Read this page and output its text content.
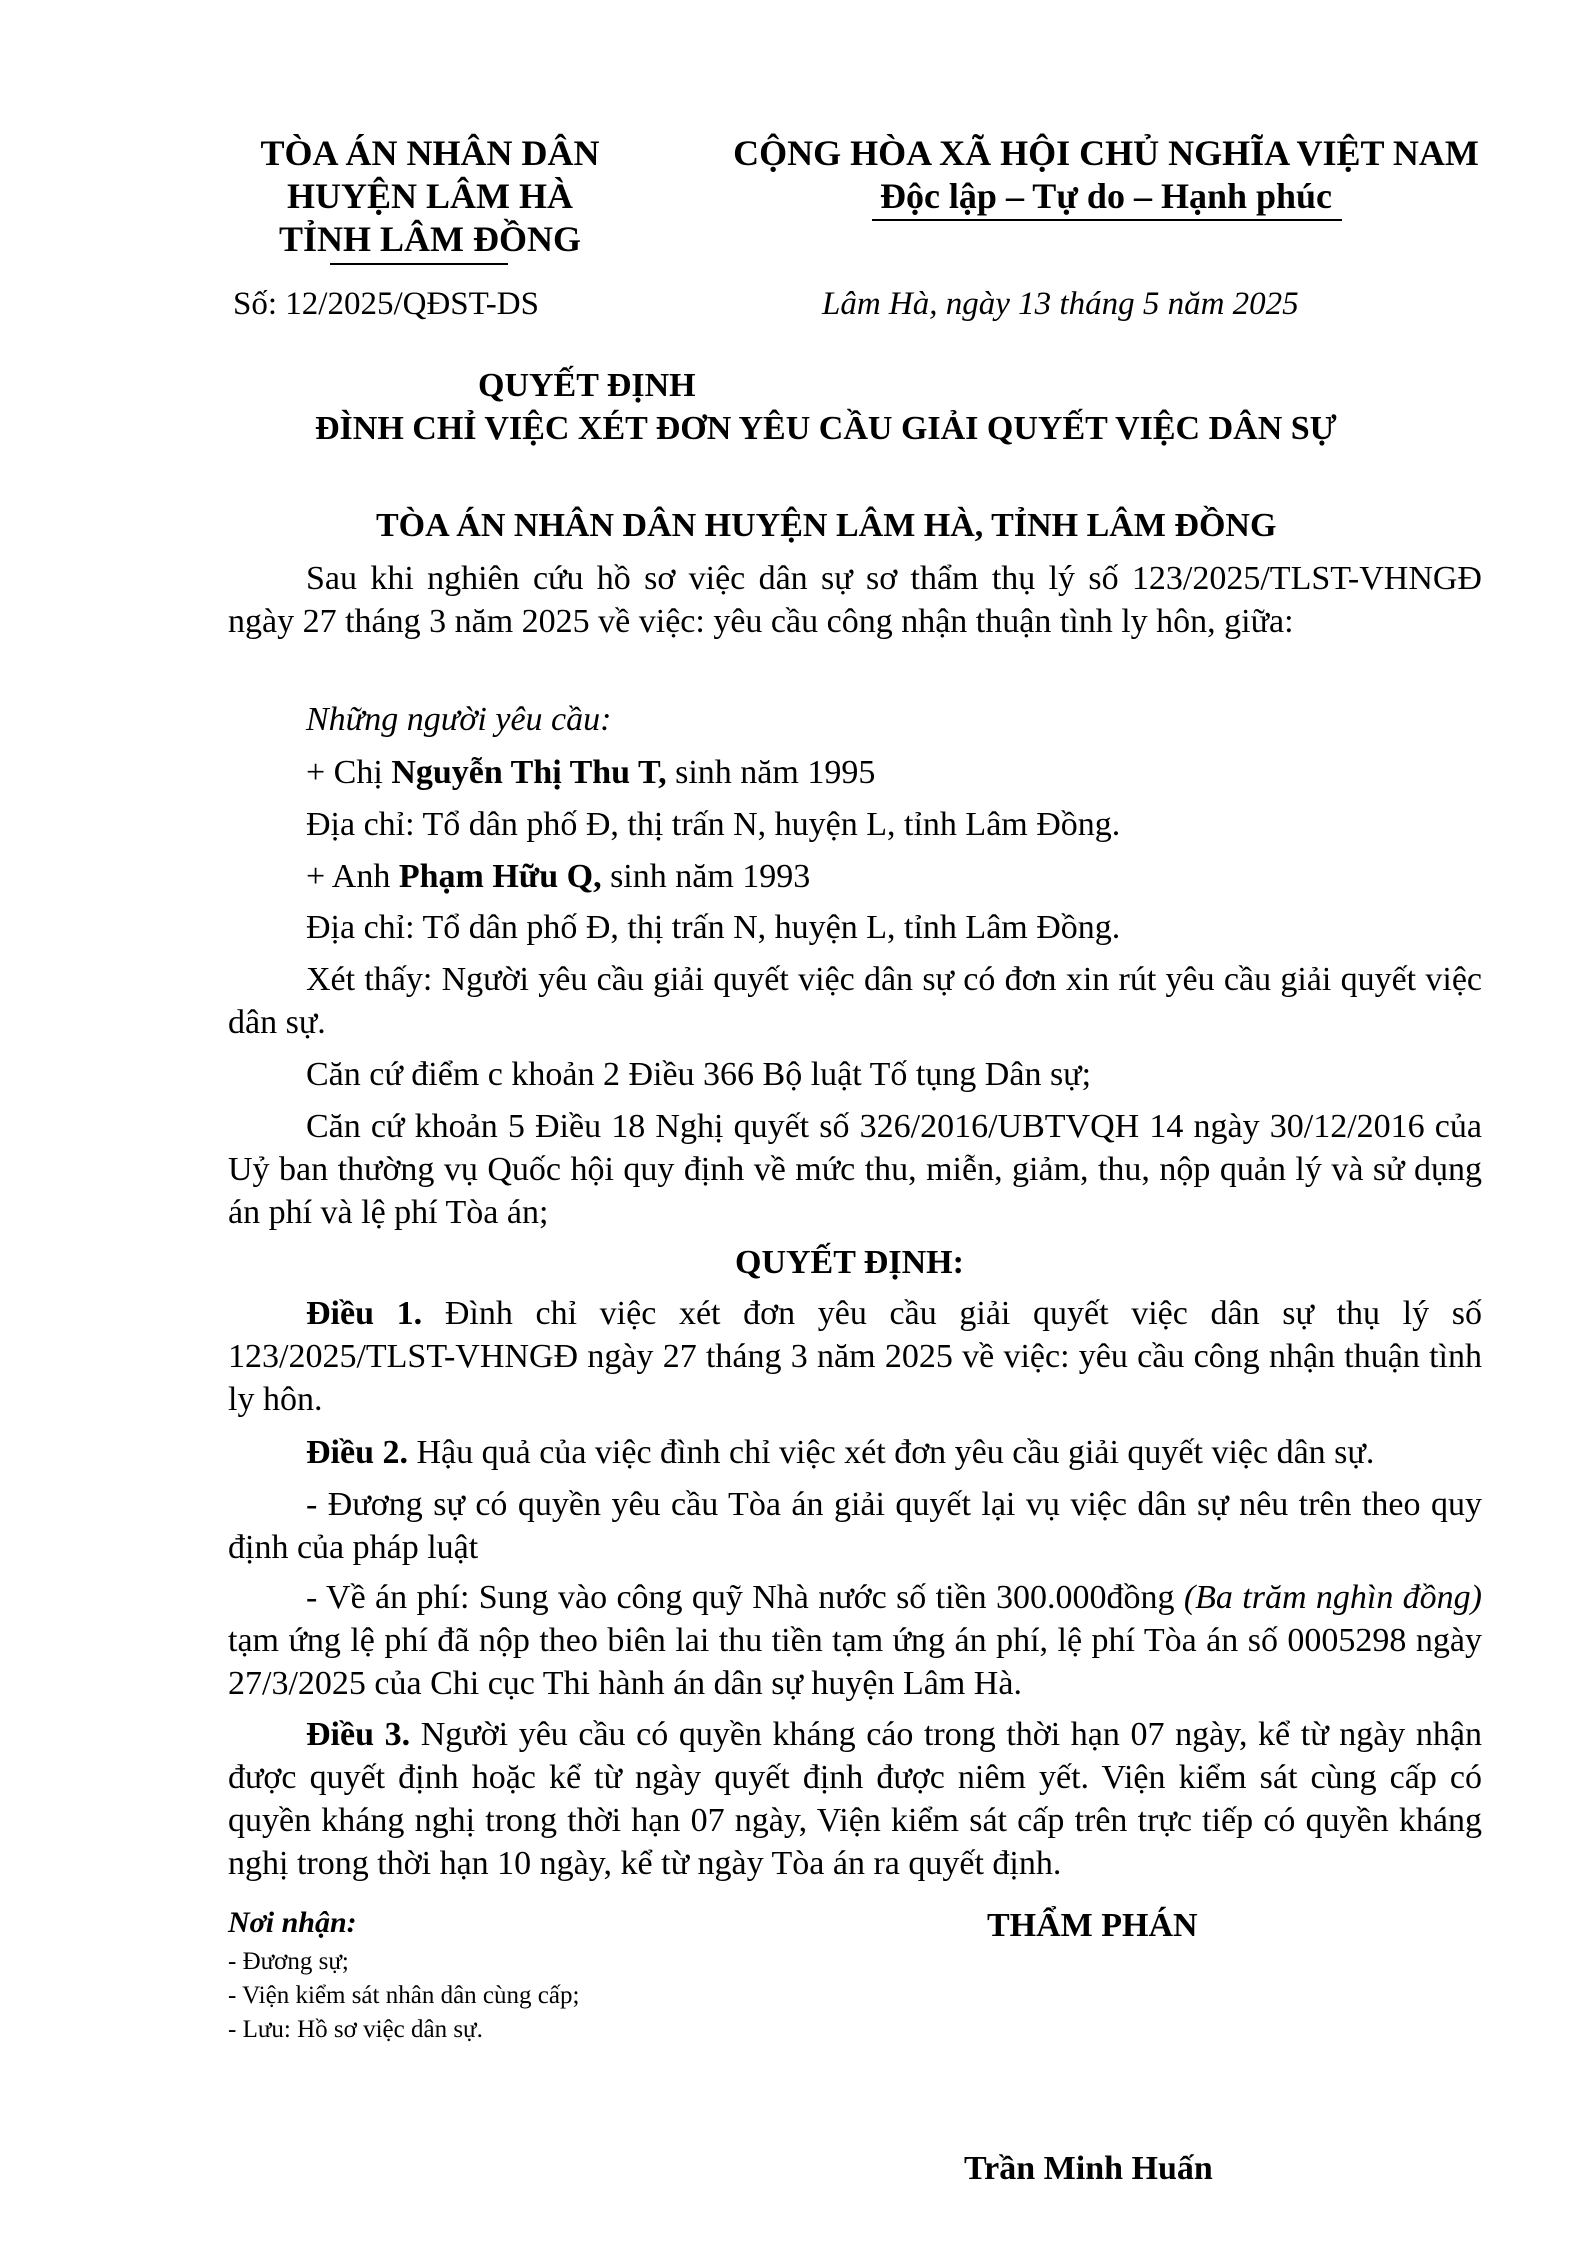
TÒA ÁN NHÂN DÂN
HUYỆN LÂM HÀ
TỈNH LÂM ĐỒNG
Số: 12/2025/QĐST-DS
CỘNG HÒA XÃ HỘI CHỦ NGHĨA VIỆT NAM
Độc lập – Tự do – Hạnh phúc
Lâm Hà, ngày 13 tháng 5 năm 2025
QUYẾT ĐỊNH
ĐÌNH CHỈ VIỆC XÉT ĐƠN YÊU CẦU GIẢI QUYẾT VIỆC DÂN SỰ
TÒA ÁN NHÂN DÂN HUYỆN LÂM HÀ, TỈNH LÂM ĐỒNG
Sau khi nghiên cứu hồ sơ việc dân sự sơ thẩm thụ lý số 123/2025/TLST-VHNGĐ ngày 27 tháng 3 năm 2025 về việc: yêu cầu công nhận thuận tình ly hôn, giữa:
Những người yêu cầu:
+ Chị Nguyễn Thị Thu T, sinh năm 1995
Địa chỉ: Tổ dân phố Đ, thị trấn N, huyện L, tỉnh Lâm Đồng.
+ Anh Phạm Hữu Q, sinh năm 1993
Địa chỉ: Tổ dân phố Đ, thị trấn N, huyện L, tỉnh Lâm Đồng.
Xét thấy: Người yêu cầu giải quyết việc dân sự có đơn xin rút yêu cầu giải quyết việc dân sự.
Căn cứ điểm c khoản 2 Điều 366 Bộ luật Tố tụng Dân sự;
Căn cứ khoản 5 Điều 18 Nghị quyết số 326/2016/UBTVQH 14 ngày 30/12/2016 của Uỷ ban thường vụ Quốc hội quy định về mức thu, miễn, giảm, thu, nộp quản lý và sử dụng án phí và lệ phí Tòa án;
QUYẾT ĐỊNH:
Điều 1. Đình chỉ việc xét đơn yêu cầu giải quyết việc dân sự thụ lý số 123/2025/TLST-VHNGĐ ngày 27 tháng 3 năm 2025 về việc: yêu cầu công nhận thuận tình ly hôn.
Điều 2. Hậu quả của việc đình chỉ việc xét đơn yêu cầu giải quyết việc dân sự.
- Đương sự có quyền yêu cầu Tòa án giải quyết lại vụ việc dân sự nêu trên theo quy định của pháp luật
- Về án phí: Sung vào công quỹ Nhà nước số tiền 300.000đồng (Ba trăm nghìn đồng) tạm ứng lệ phí đã nộp theo biên lai thu tiền tạm ứng án phí, lệ phí Tòa án số 0005298 ngày 27/3/2025 của Chi cục Thi hành án dân sự huyện Lâm Hà.
Điều 3. Người yêu cầu có quyền kháng cáo trong thời hạn 07 ngày, kể từ ngày nhận được quyết định hoặc kể từ ngày quyết định được niêm yết. Viện kiểm sát cùng cấp có quyền kháng nghị trong thời hạn 07 ngày, Viện kiểm sát cấp trên trực tiếp có quyền kháng nghị trong thời hạn 10 ngày, kể từ ngày Tòa án ra quyết định.
Nơi nhận:
- Đương sự;
- Viện kiểm sát nhân dân cùng cấp;
- Lưu: Hồ sơ việc dân sự.
THẨM PHÁN
Trần Minh Huấn
